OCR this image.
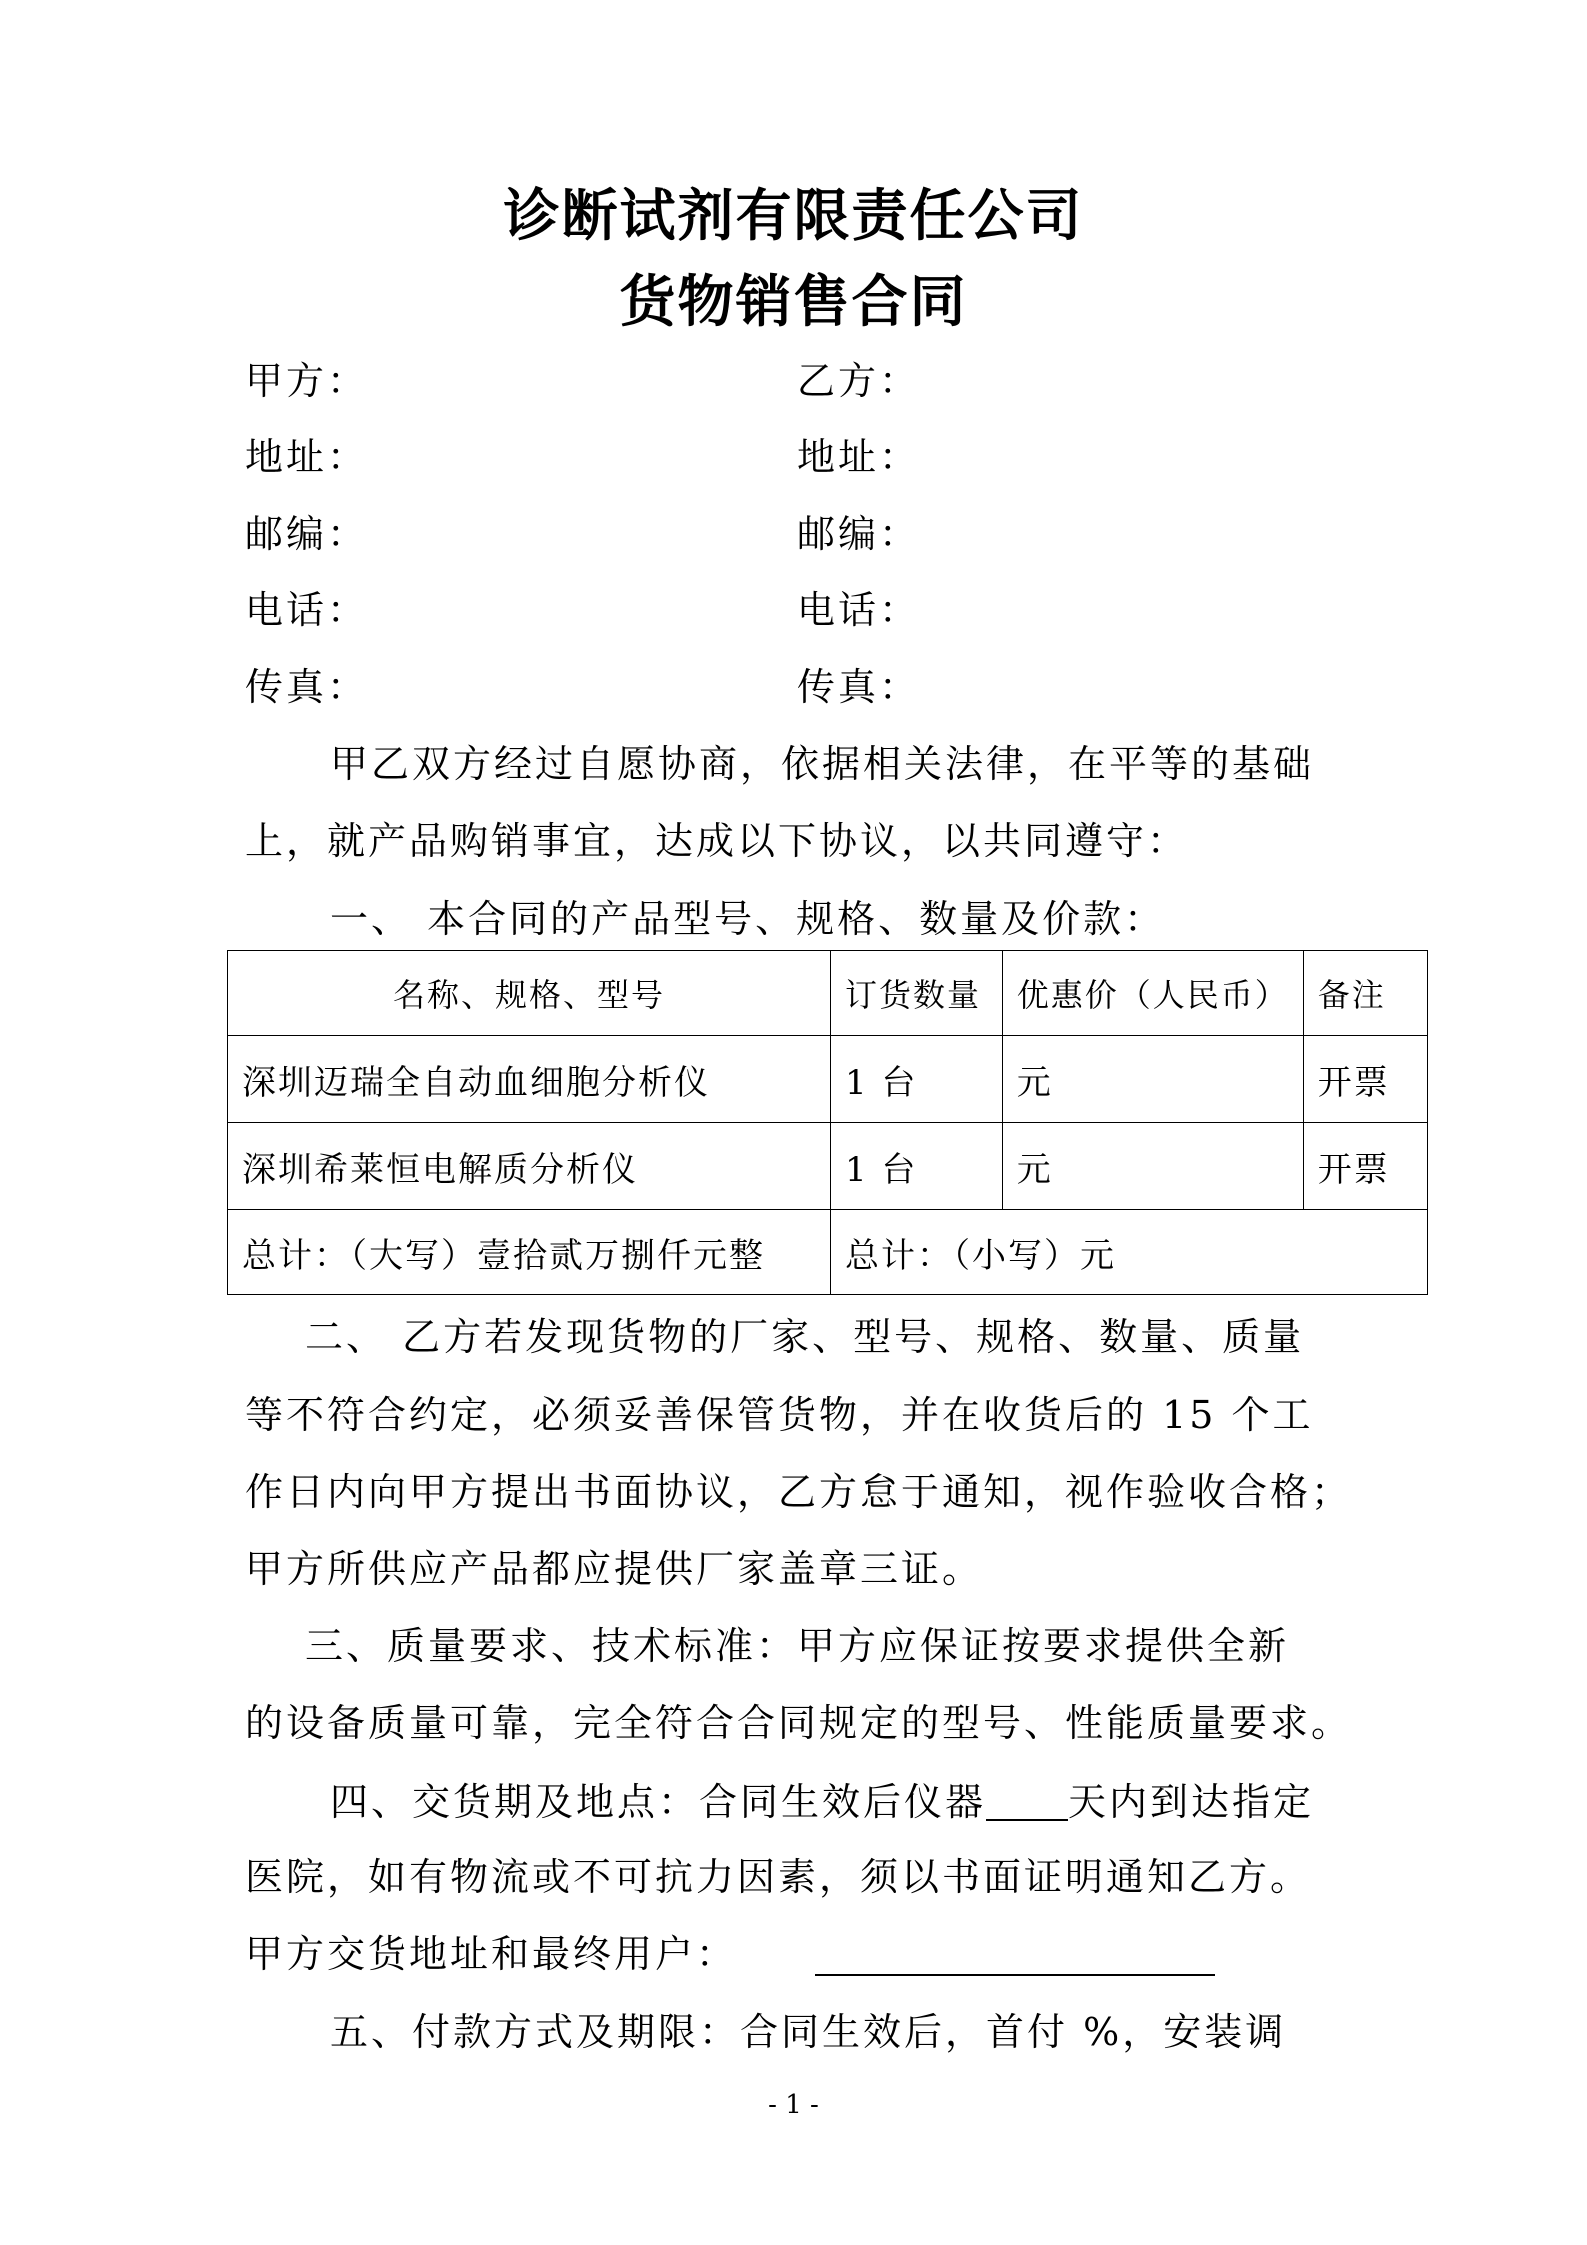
诊断试剂有限责任公司
货物销售合同
甲方：	乙方：
地址：	地址：
邮编：	邮编：
电话：	电话：
传真：	传真：
甲乙双方经过自愿协商，依据相关法律，在平等的基础
上，就产品购销事宜，达成以下协议，以共同遵守：
一、 本合同的产品型号、规格、数量及价款：
名称、规格、型号	订货数量	优惠价（人民币）	备注
深圳迈瑞全自动血细胞分析仪	1 台	元	开票
深圳希莱恒电解质分析仪	1 台	元	开票
总计：（大写）壹拾贰万捌仟元整	总计：（小写）元		
二、 乙方若发现货物的厂家、型号、规格、数量、质量
等不符合约定，必须妥善保管货物，并在收货后的 15 个工
作日内向甲方提出书面协议，乙方怠于通知，视作验收合格；
甲方所供应产品都应提供厂家盖章三证。
三、质量要求、技术标准：甲方应保证按要求提供全新
的设备质量可靠，完全符合合同规定的型号、性能质量要求。
四、交货期及地点：合同生效后仪器 天内到达指定
医院，如有物流或不可抗力因素，须以书面证明通知乙方。
甲方交货地址和最终用户：
五、付款方式及期限：合同生效后，首付 %，安装调
- 1 -
